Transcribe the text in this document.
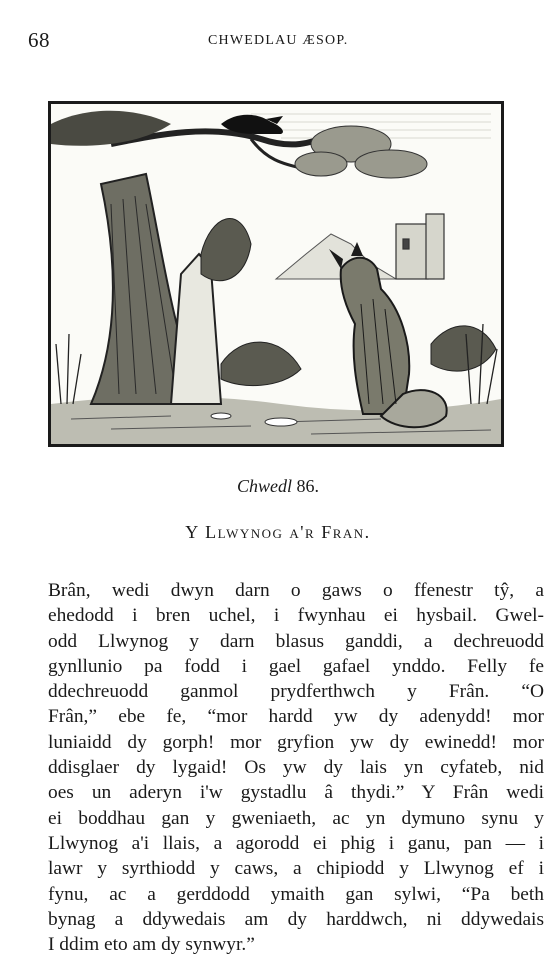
68	CHWEDLAU ÆSOP.
Chwedl 86.
Y Llwynog a'r Fran.
Brân, wedi dwyn darn o gaws o ffenestr tŷ, a
ehedodd i bren uchel, i fwynhau ei hysbail. Gwel-
odd Llwynog y darn blasus ganddi, a dechreuodd
gynllunio pa fodd i gael gafael ynddo. Felly fe
ddechreuodd ganmol prydferthwch y Frân. “O
Frân,” ebe fe, “mor hardd yw dy adenydd! mor
luniaidd dy gorph! mor gryfion yw dy ewinedd! mor
ddisglaer dy lygaid! Os yw dy lais yn cyfateb, nid
oes un aderyn i'w gystadlu â thydi.” Y Frân wedi
ei boddhau gan y gweniaeth, ac yn dymuno synu y
Llwynog a'i llais, a agorodd ei phig i ganu, pan — i
lawr y syrthiodd y caws, a chipiodd y Llwynog ef i
fynu, ac a gerddodd ymaith gan sylwi, “Pa beth
bynag a ddywedais am dy harddwch, ni ddywedais
I ddim eto am dy synwyr.”
